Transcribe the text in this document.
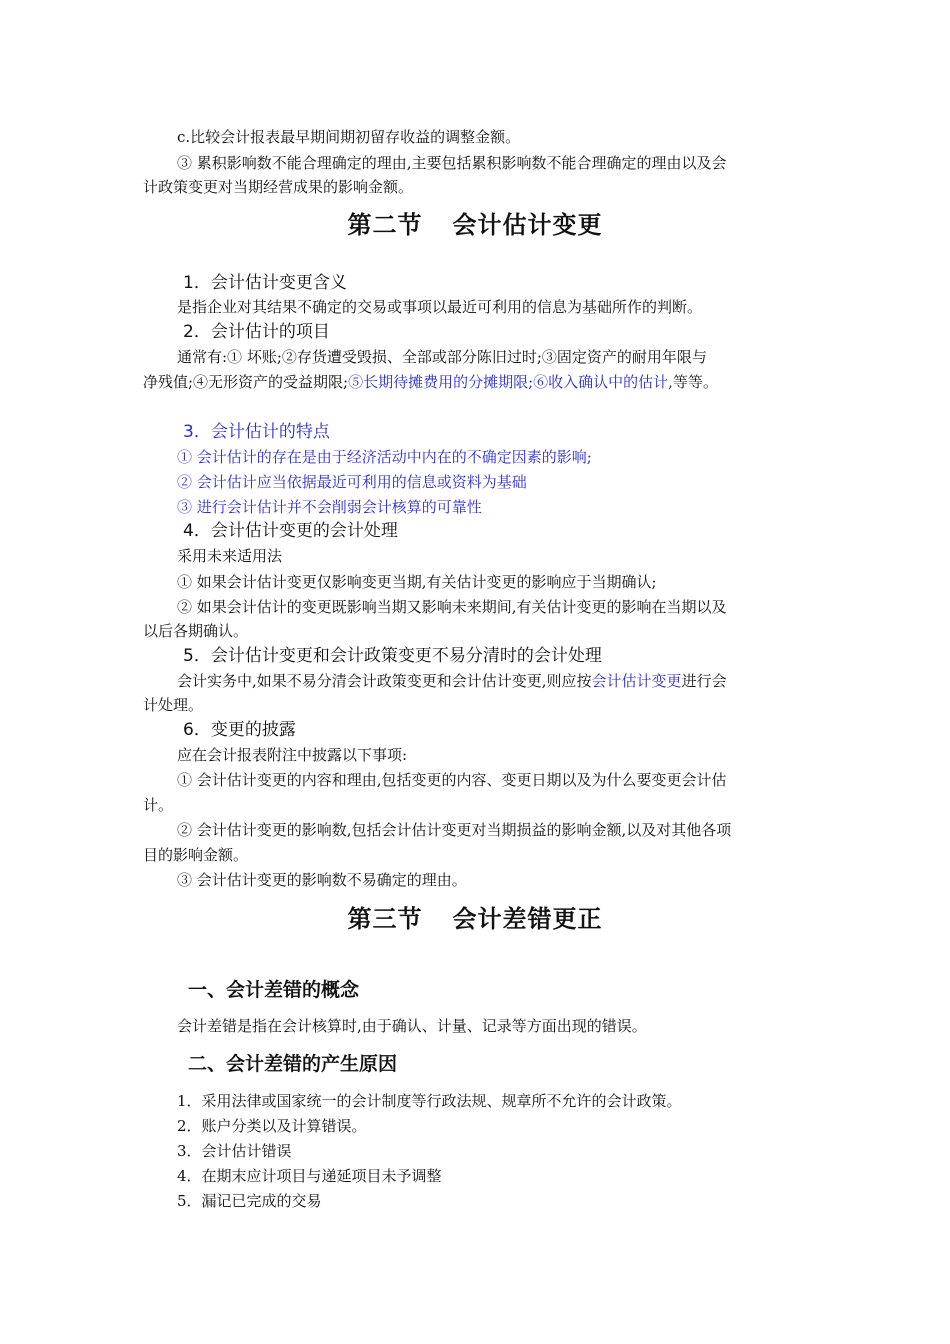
c.比较会计报表最早期间期初留存收益的调整金额。
③ 累积影响数不能合理确定的理由,主要包括累积影响数不能合理确定的理由以及会
计政策变更对当期经营成果的影响金额。
第二节 会计估计变更
1．会计估计变更含义
是指企业对其结果不确定的交易或事项以最近可利用的信息为基础所作的判断。
2．会计估计的项目
通常有:① 坏账;②存货遭受毁损、全部或部分陈旧过时;③固定资产的耐用年限与
净残值;④无形资产的受益期限;⑤长期待摊费用的分摊期限;⑥收入确认中的估计,等等。
3．会计估计的特点
① 会计估计的存在是由于经济活动中内在的不确定因素的影响;
② 会计估计应当依据最近可利用的信息或资料为基础
③ 进行会计估计并不会削弱会计核算的可靠性
4．会计估计变更的会计处理
采用未来适用法
① 如果会计估计变更仅影响变更当期,有关估计变更的影响应于当期确认;
② 如果会计估计的变更既影响当期又影响未来期间,有关估计变更的影响在当期以及
以后各期确认。
5．会计估计变更和会计政策变更不易分清时的会计处理
会计实务中,如果不易分清会计政策变更和会计估计变更,则应按会计估计变更进行会
计处理。
6．变更的披露
应在会计报表附注中披露以下事项:
① 会计估计变更的内容和理由,包括变更的内容、变更日期以及为什么要变更会计估
计。
② 会计估计变更的影响数,包括会计估计变更对当期损益的影响金额,以及对其他各项
目的影响金额。
③ 会计估计变更的影响数不易确定的理由。
第三节 会计差错更正
一、会计差错的概念
会计差错是指在会计核算时,由于确认、计量、记录等方面出现的错误。
二、会计差错的产生原因
1．采用法律或国家统一的会计制度等行政法规、规章所不允许的会计政策。
2．账户分类以及计算错误。
3．会计估计错误
4．在期末应计项目与递延项目未予调整
5．漏记已完成的交易
